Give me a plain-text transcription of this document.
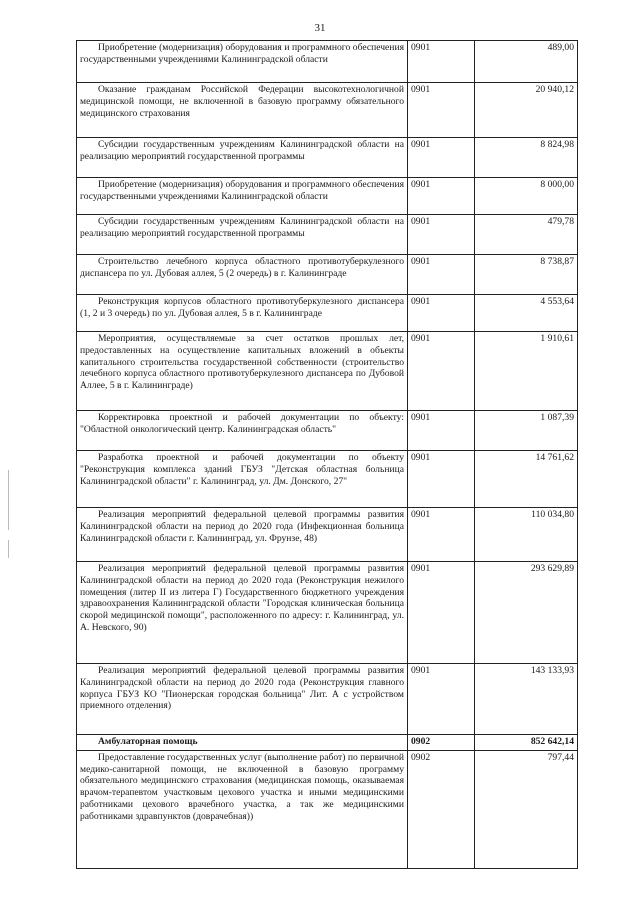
31
Приобретение (модернизация) оборудования и программного обеспечения государственными учреждениями Калининградской области	0901	489,00
Оказание гражданам Российской Федерации высокотехнологичной медицинской помощи, не включенной в базовую программу обязательного медицинского страхования	0901	20 940,12
Субсидии государственным учреждениям Калининградской области на реализацию мероприятий государственной программы	0901	8 824,98
Приобретение (модернизация) оборудования и программного обеспечения государственными учреждениями Калининградской области	0901	8 000,00
Субсидии государственным учреждениям Калининградской области на реализацию мероприятий государственной программы	0901	479,78
Строительство лечебного корпуса областного противотуберкулезного диспансера по ул. Дубовая аллея, 5 (2 очередь) в г. Калининграде	0901	8 738,87
Реконструкция корпусов областного противотуберкулезного диспансера (1, 2 и 3 очередь) по ул. Дубовая аллея, 5 в г. Калининграде	0901	4 553,64
Мероприятия, осуществляемые за счет остатков прошлых лет, предоставленных на осуществление капитальных вложений в объекты капитального строительства государственной собственности (строительство лечебного корпуса областного противотуберкулезного диспансера по Дубовой Аллее, 5 в г. Калининграде)	0901	1 910,61
Корректировка проектной и рабочей документации по объекту: "Областной онкологический центр. Калининградская область"	0901	1 087,39
Разработка проектной и рабочей документации по объекту "Реконструкция комплекса зданий ГБУЗ "Детская областная больница Калининградской области" г. Калининград, ул. Дм. Донского, 27"	0901	14 761,62
Реализация мероприятий федеральной целевой программы развития Калининградской области на период до 2020 года (Инфекционная больница Калининградской области г. Калининград, ул. Фрунзе, 48)	0901	110 034,80
Реализация мероприятий федеральной целевой программы развития Калининградской области на период до 2020 года (Реконструкция нежилого помещения (литер II из литера Г) Государственного бюджетного учреждения здравоохранения Калининградской области "Городская клиническая больница скорой медицинской помощи", расположенного по адресу: г. Калининград, ул. А. Невского, 90)	0901	293 629,89
Реализация мероприятий федеральной целевой программы развития Калининградской области на период до 2020 года (Реконструкция главного корпуса ГБУЗ КО "Пионерская городская больница" Лит. А с устройством приемного отделения)	0901	143 133,93
Амбулаторная помощь	0902	852 642,14
Предоставление государственных услуг (выполнение работ) по первичной медико-санитарной помощи, не включенной в базовую программу обязательного медицинского страхования (медицинская помощь, оказываемая врачом-терапевтом участковым цехового участка и иными медицинскими работниками цехового врачебного участка, а так же медицинскими работниками здравпунктов (доврачебная))	0902	797,44
